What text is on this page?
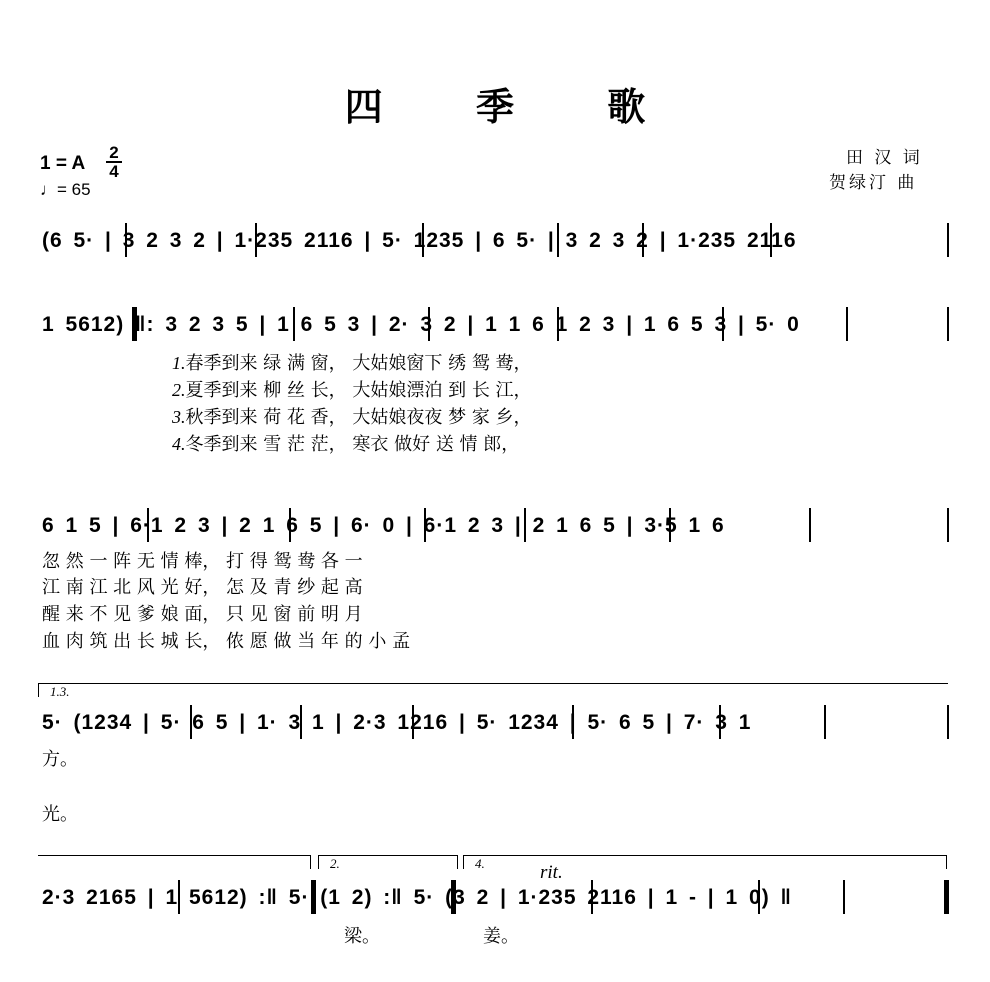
四 季 歌
1 = A
2
4
♩= 65
田 汉 词
贺绿汀 曲
(6 5· | 3 2 3 2 | 1·235 2116 | 5· 1235 | 6 5· | 3 2 3 2 | 1·235 2116
1 5612) ‖: 3 2 3 5 | 1 6 5 3 | 2· 3 2 | 1 1 6 1 2 3 | 1 6 5 3 | 5· 0
1.春季到来 绿 满 窗， 大姑娘窗下 绣 鸳 鸯，
2.夏季到来 柳 丝 长， 大姑娘漂泊 到 长 江，
3.秋季到来 荷 花 香， 大姑娘夜夜 梦 家 乡，
4.冬季到来 雪 茫 茫， 寒衣 做好 送 情 郎，
6 1 5 | 6·1 2 3 | 2 1 6 5 | 6· 0 | 6·1 2 3 | 2 1 6 5 | 3·5 1 6
忽 然 一 阵 无 情 棒， 打 得 鸳 鸯 各 一
江 南 江 北 风 光 好， 怎 及 青 纱 起 高
醒 来 不 见 爹 娘 面， 只 见 窗 前 明 月
血 肉 筑 出 长 城 长， 侬 愿 做 当 年 的 小 孟
1.3.
5· (1234 | 5· 6 5 | 1· 3 1 | 2·3 1216 | 5· 1234 | 5· 6 5 | 7· 3 1
方。
光。
2.	4.	rit.
2·3 2165 | 1 5612) :‖ 5· (1 2) :‖ 5· (3 2 | 1·235 2116 | 1 - | 1 0) ‖
梁。	姜。
